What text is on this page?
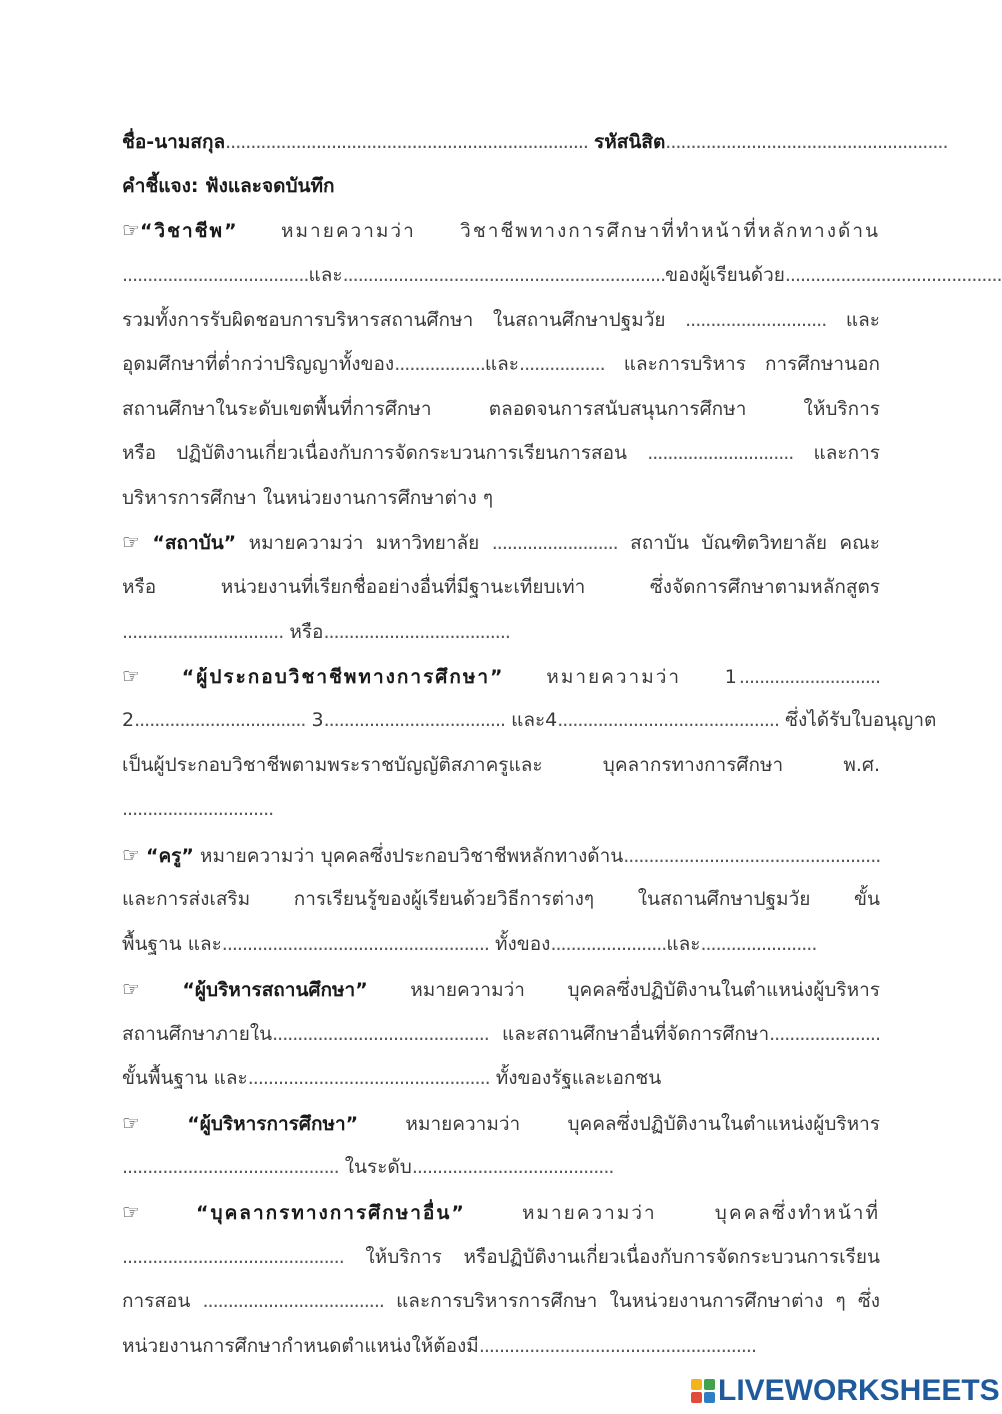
ชื่อ-นามสกุล........................................................................ รหัสนิสิต........................................................
คำชี้แจง: ฟังและจดบันทึก
☞“วิชาชีพ” หมายความว่า วิชาชีพทางการศึกษาที่ทำหน้าที่หลักทางด้าน
.....................................และ................................................................ของผู้เรียนด้วย...........................................
รวมทั้งการรับผิดชอบการบริหารสถานศึกษา ในสถานศึกษาปฐมวัย ............................ และ
อุดมศึกษาที่ต่ำกว่าปริญญาทั้งของ..................และ................. และการบริหาร การศึกษานอก
สถานศึกษาในระดับเขตพื้นที่การศึกษา ตลอดจนการสนับสนุนการศึกษา ให้บริการ
หรือ ปฏิบัติงานเกี่ยวเนื่องกับการจัดกระบวนการเรียนการสอน ............................. และการ
บริหารการศึกษา ในหน่วยงานการศึกษาต่าง ๆ
☞ “สถาบัน” หมายความว่า มหาวิทยาลัย ......................... สถาบัน บัณฑิตวิทยาลัย คณะ
หรือ หน่วยงานที่เรียกชื่ออย่างอื่นที่มีฐานะเทียบเท่า ซึ่งจัดการศึกษาตามหลักสูตร
................................ หรือ.....................................
☞ “ผู้ประกอบวิชาชีพทางการศึกษา” หมายความว่า 1............................
2.................................. 3.................................... และ4............................................ ซึ่งได้รับใบอนุญาต
เป็นผู้ประกอบวิชาชีพตามพระราชบัญญัติสภาครูและ บุคลากรทางการศึกษา พ.ศ.
..............................
☞ “ครู” หมายความว่า บุคคลซึ่งประกอบวิชาชีพหลักทางด้าน...................................................
และการส่งเสริม การเรียนรู้ของผู้เรียนด้วยวิธีการต่างๆ ในสถานศึกษาปฐมวัย ขั้น
พื้นฐาน และ..................................................... ทั้งของ.......................และ.......................
☞ “ผู้บริหารสถานศึกษา” หมายความว่า บุคคลซึ่งปฏิบัติงานในตำแหน่งผู้บริหาร
สถานศึกษาภายใน........................................... และสถานศึกษาอื่นที่จัดการศึกษา......................
ขั้นพื้นฐาน และ................................................ ทั้งของรัฐและเอกชน
☞ “ผู้บริหารการศึกษา” หมายความว่า บุคคลซึ่งปฏิบัติงานในตำแหน่งผู้บริหาร
........................................... ในระดับ........................................
☞	“บุคลากรทางการศึกษาอื่น”	หมายความว่า บุคคลซึ่งทำหน้าที่
............................................ ให้บริการ หรือปฏิบัติงานเกี่ยวเนื่องกับการจัดกระบวนการเรียน
การสอน .................................... และการบริหารการศึกษา ในหน่วยงานการศึกษาต่าง ๆ ซึ่ง
หน่วยงานการศึกษากำหนดตำแหน่งให้ต้องมี.......................................................
LIVEWORKSHEETS
